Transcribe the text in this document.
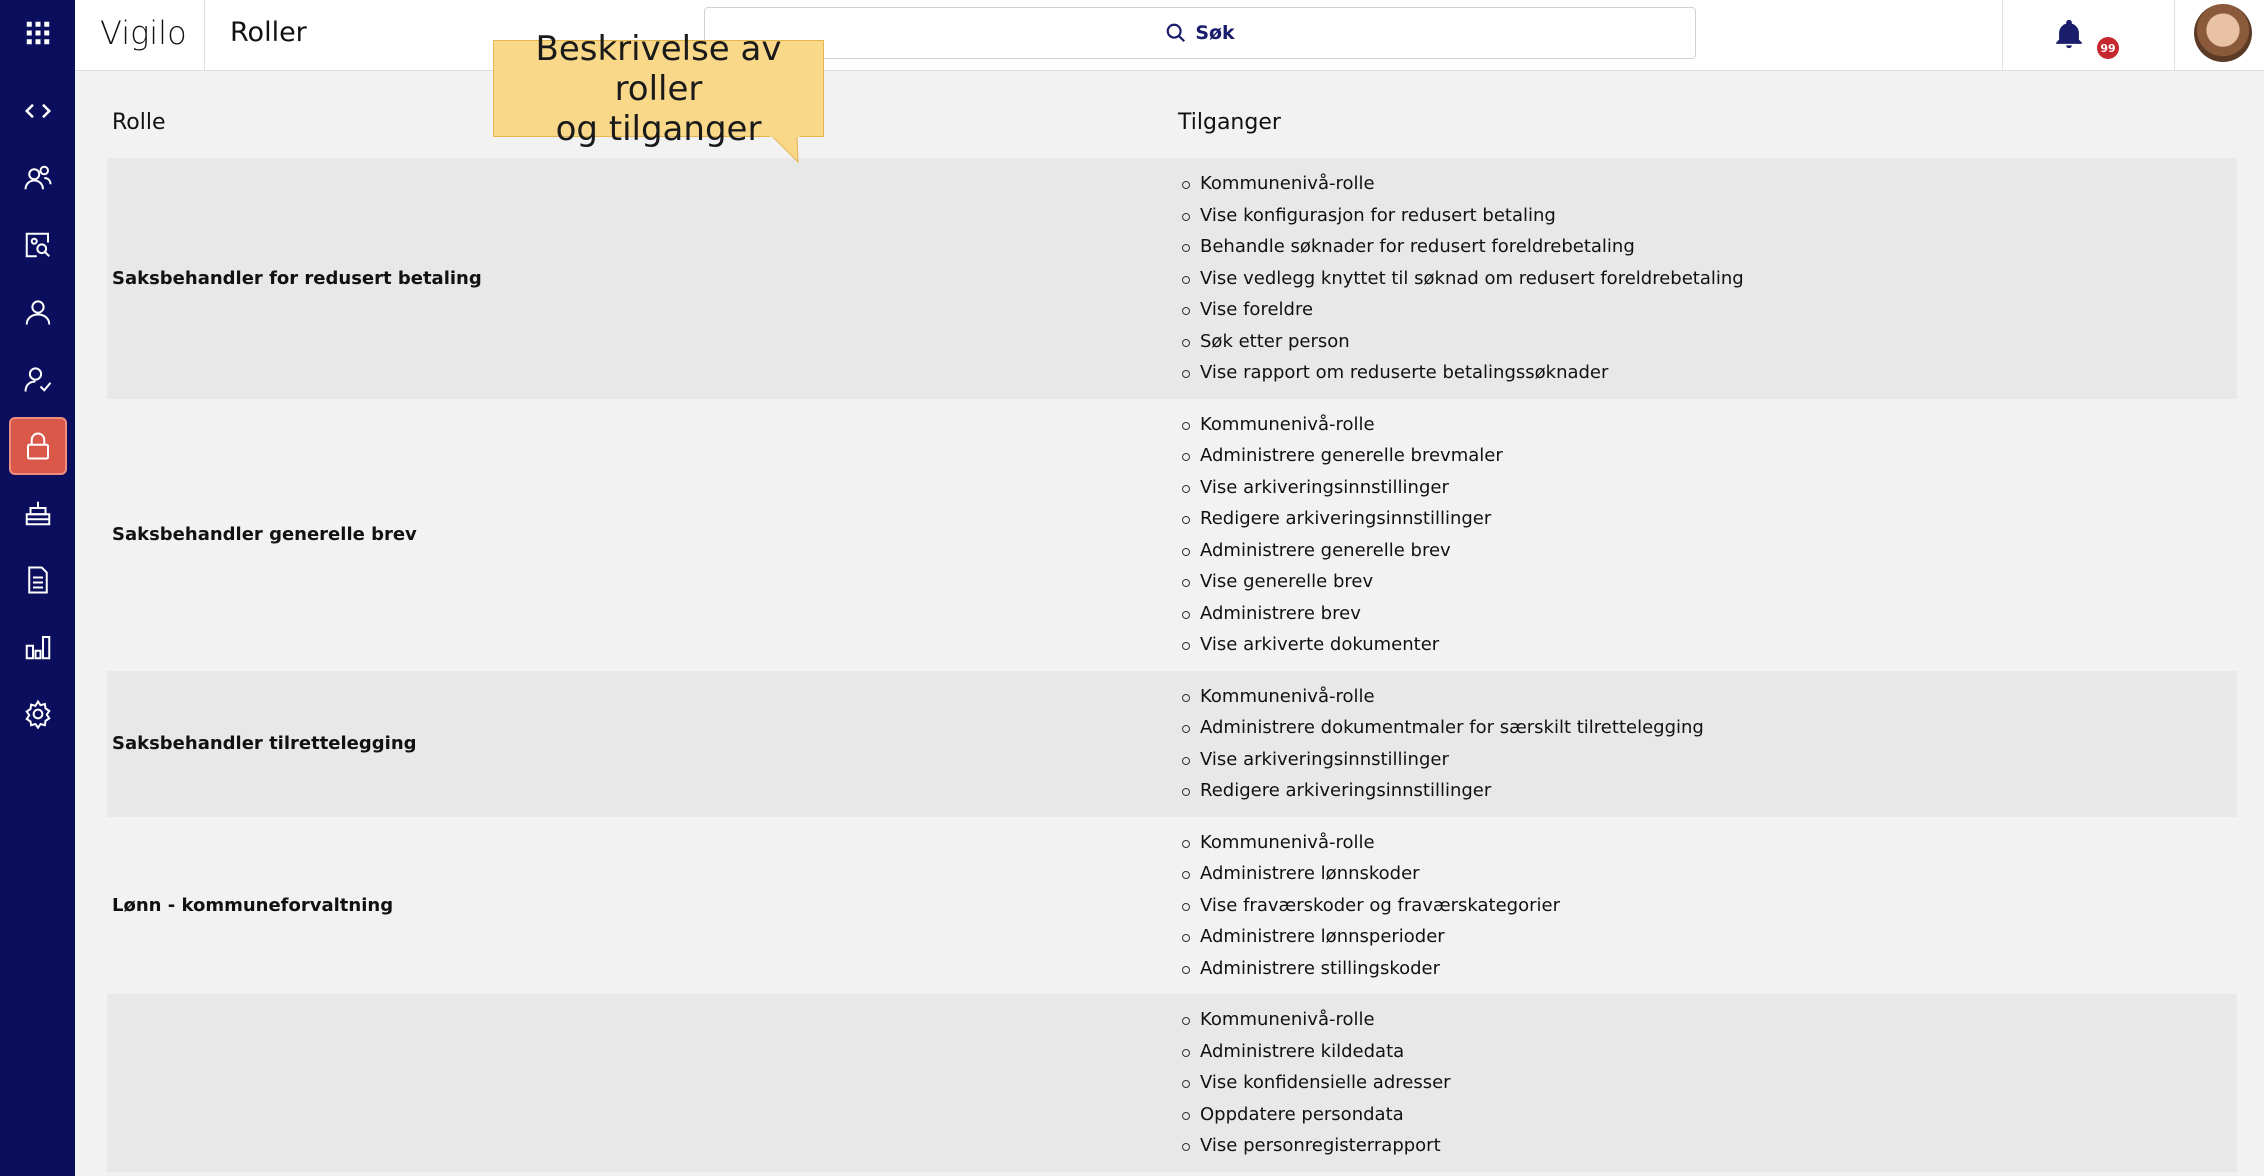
Vigilo Roller	Søk
99
Rolle	Tilganger
Saksbehandler for redusert betaling
Kommunenivå-rolle
Vise konfigurasjon for redusert betaling
Behandle søknader for redusert foreldrebetaling
Vise vedlegg knyttet til søknad om redusert foreldrebetaling
Vise foreldre
Søk etter person
Vise rapport om reduserte betalingssøknader
Saksbehandler generelle brev
Kommunenivå-rolle
Administrere generelle brevmaler
Vise arkiveringsinnstillinger
Redigere arkiveringsinnstillinger
Administrere generelle brev
Vise generelle brev
Administrere brev
Vise arkiverte dokumenter
Saksbehandler tilrettelegging
Kommunenivå-rolle
Administrere dokumentmaler for særskilt tilrettelegging
Vise arkiveringsinnstillinger
Redigere arkiveringsinnstillinger
Lønn - kommuneforvaltning
Kommunenivå-rolle
Administrere lønnskoder
Vise fraværskoder og fraværskategorier
Administrere lønnsperioder
Administrere stillingskoder
Kommunenivå-rolle
Administrere kildedata
Vise konfidensielle adresser
Oppdatere persondata
Vise personregisterrapport
Beskrivelse av roller
og tilganger
